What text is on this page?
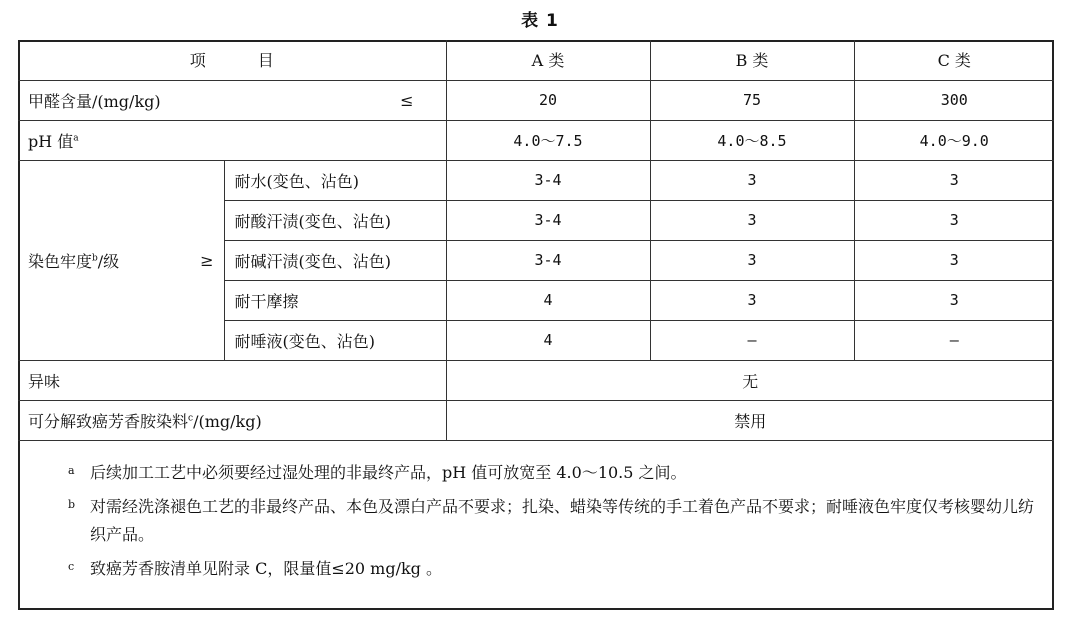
表 1
项 目		A 类	B 类	C 类

甲醛含量/(mg/kg) ≤		20	75	300
pH 值$^a$		4.0～7.5	4.0～8.5	4.0～9.0

染色牢度$^b$/级 ≥	耐水(变色、沾色)	3-4	3	3
	耐酸汗渍(变色、沾色)	3-4	3	3
	耐碱汗渍(变色、沾色)	3-4	3	3
	耐干摩擦	4	3	3
	耐唾液(变色、沾色)	4	—	—
异味		无		
可分解致癌芳香胺染料$^c$/(mg/kg)		禁用		
a 后续加工工艺中必须要经过湿处理的非最终产品，pH 值可放宽至 4.0～10.5 之间。
b 对需经洗涤褪色工艺的非最终产品、本色及漂白产品不要求；扎染、蜡染等传统的手工着色产品不要求；耐唾液色牢度仅考核婴幼儿纺织产品。
c 致癌芳香胺清单见附录 C，限量值≤20 mg/kg 。
